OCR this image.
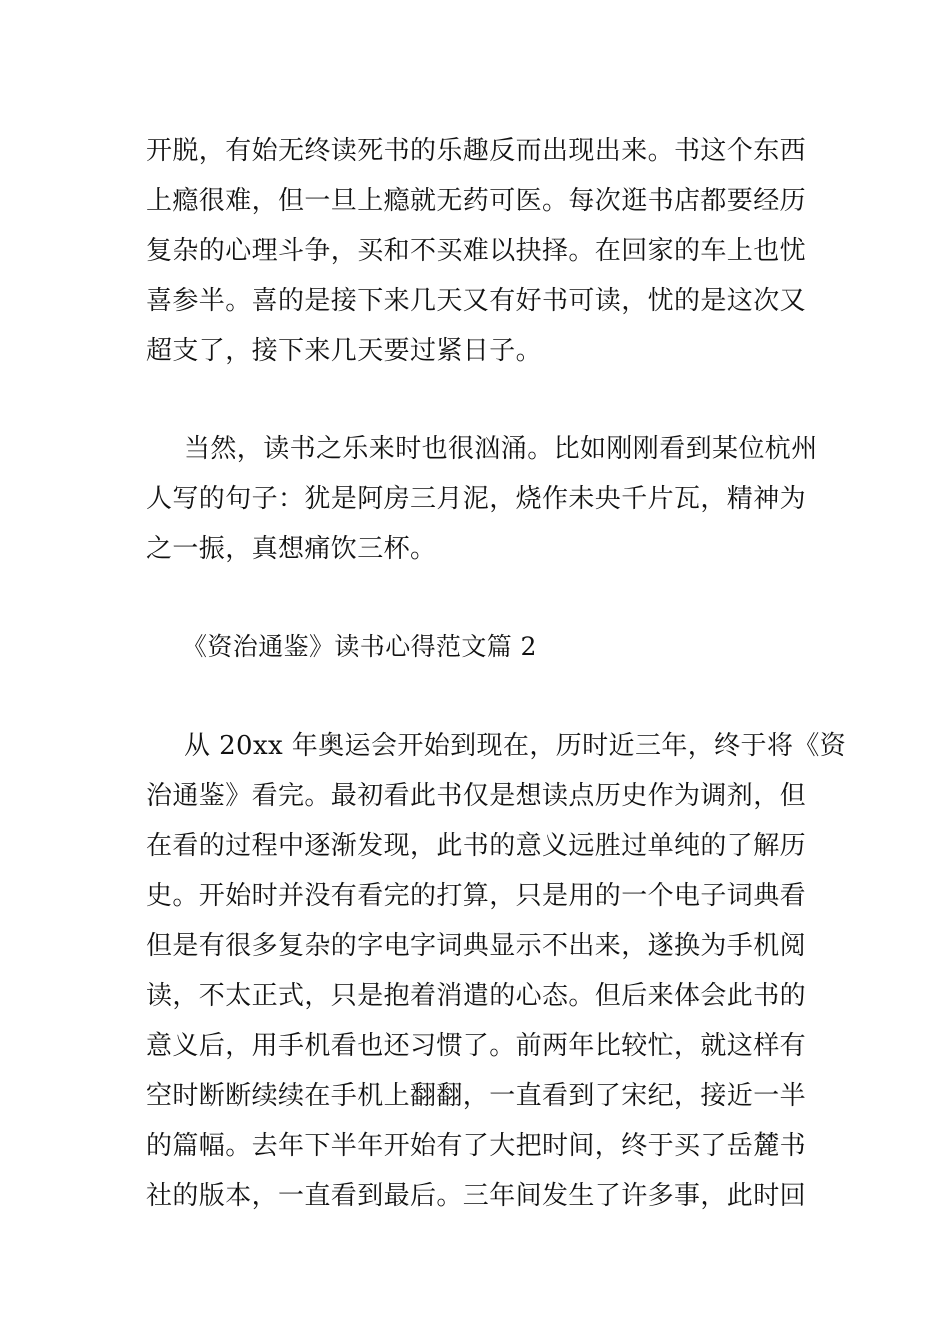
开脱，有始无终读死书的乐趣反而出现出来。书这个东西
上瘾很难，但一旦上瘾就无药可医。每次逛书店都要经历
复杂的心理斗争，买和不买难以抉择。在回家的车上也忧
喜参半。喜的是接下来几天又有好书可读，忧的是这次又
超支了，接下来几天要过紧日子。
当然，读书之乐来时也很汹涌。比如刚刚看到某位杭州
人写的句子：犹是阿房三月泥，烧作未央千片瓦，精神为
之一振，真想痛饮三杯。
《资治通鉴》读书心得范文篇 2
从 20xx 年奥运会开始到现在，历时近三年，终于将《资
治通鉴》看完。最初看此书仅是想读点历史作为调剂，但
在看的过程中逐渐发现，此书的意义远胜过单纯的了解历
史。开始时并没有看完的打算，只是用的一个电子词典看
但是有很多复杂的字电字词典显示不出来，遂换为手机阅
读，不太正式，只是抱着消遣的心态。但后来体会此书的
意义后，用手机看也还习惯了。前两年比较忙，就这样有
空时断断续续在手机上翻翻，一直看到了宋纪，接近一半
的篇幅。去年下半年开始有了大把时间，终于买了岳麓书
社的版本，一直看到最后。三年间发生了许多事，此时回
